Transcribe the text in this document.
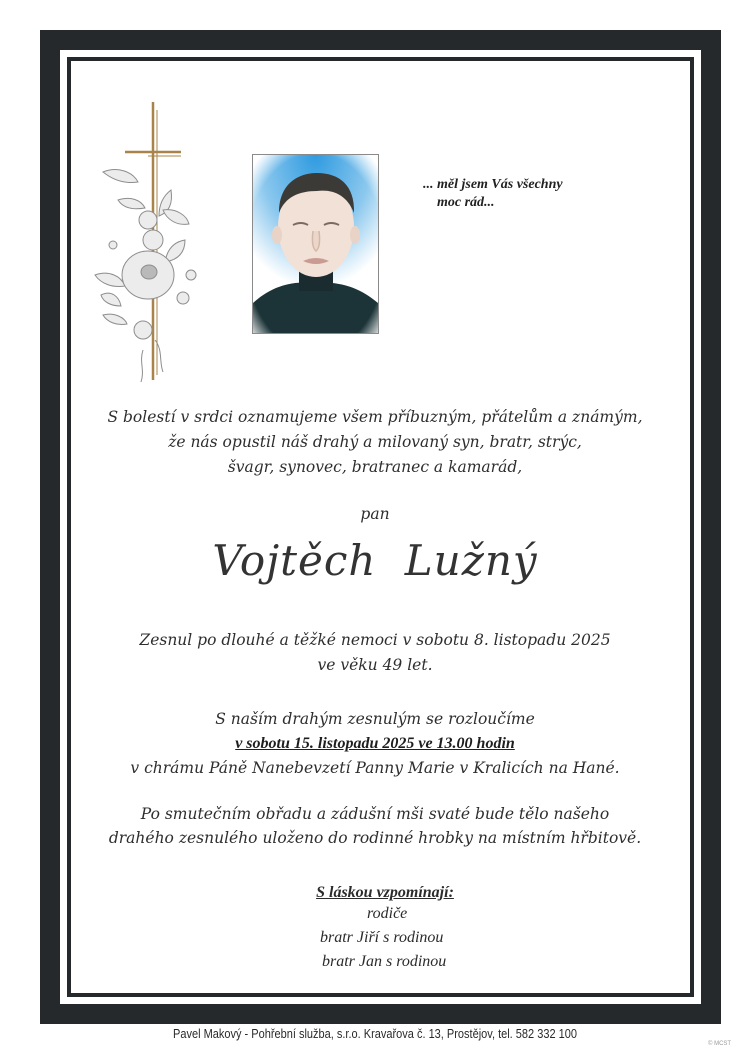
... měl jsem Vás všechny
moc rád...
S bolestí v srdci oznamujeme všem příbuzným, přátelům a známým,
že nás opustil náš drahý a milovaný syn, bratr, strýc,
švagr, synovec, bratranec a kamarád,
pan
Vojtěch Lužný
Zesnul po dlouhé a těžké nemoci v sobotu 8. listopadu 2025
ve věku 49 let.
S naším drahým zesnulým se rozloučíme
v sobotu 15. listopadu 2025 ve 13.00 hodin
v chrámu Páně Nanebevzetí Panny Marie v Kralicích na Hané.
Po smutečním obřadu a zádušní mši svaté bude tělo našeho
drahého zesnulého uloženo do rodinné hrobky na místním hřbitově.
S láskou vzpomínají:
rodiče
bratr Jiří s rodinou
bratr Jan s rodinou
Pavel Makový - Pohřební služba, s.r.o. Kravařova č. 13, Prostějov, tel. 582 332 100
© MCST
